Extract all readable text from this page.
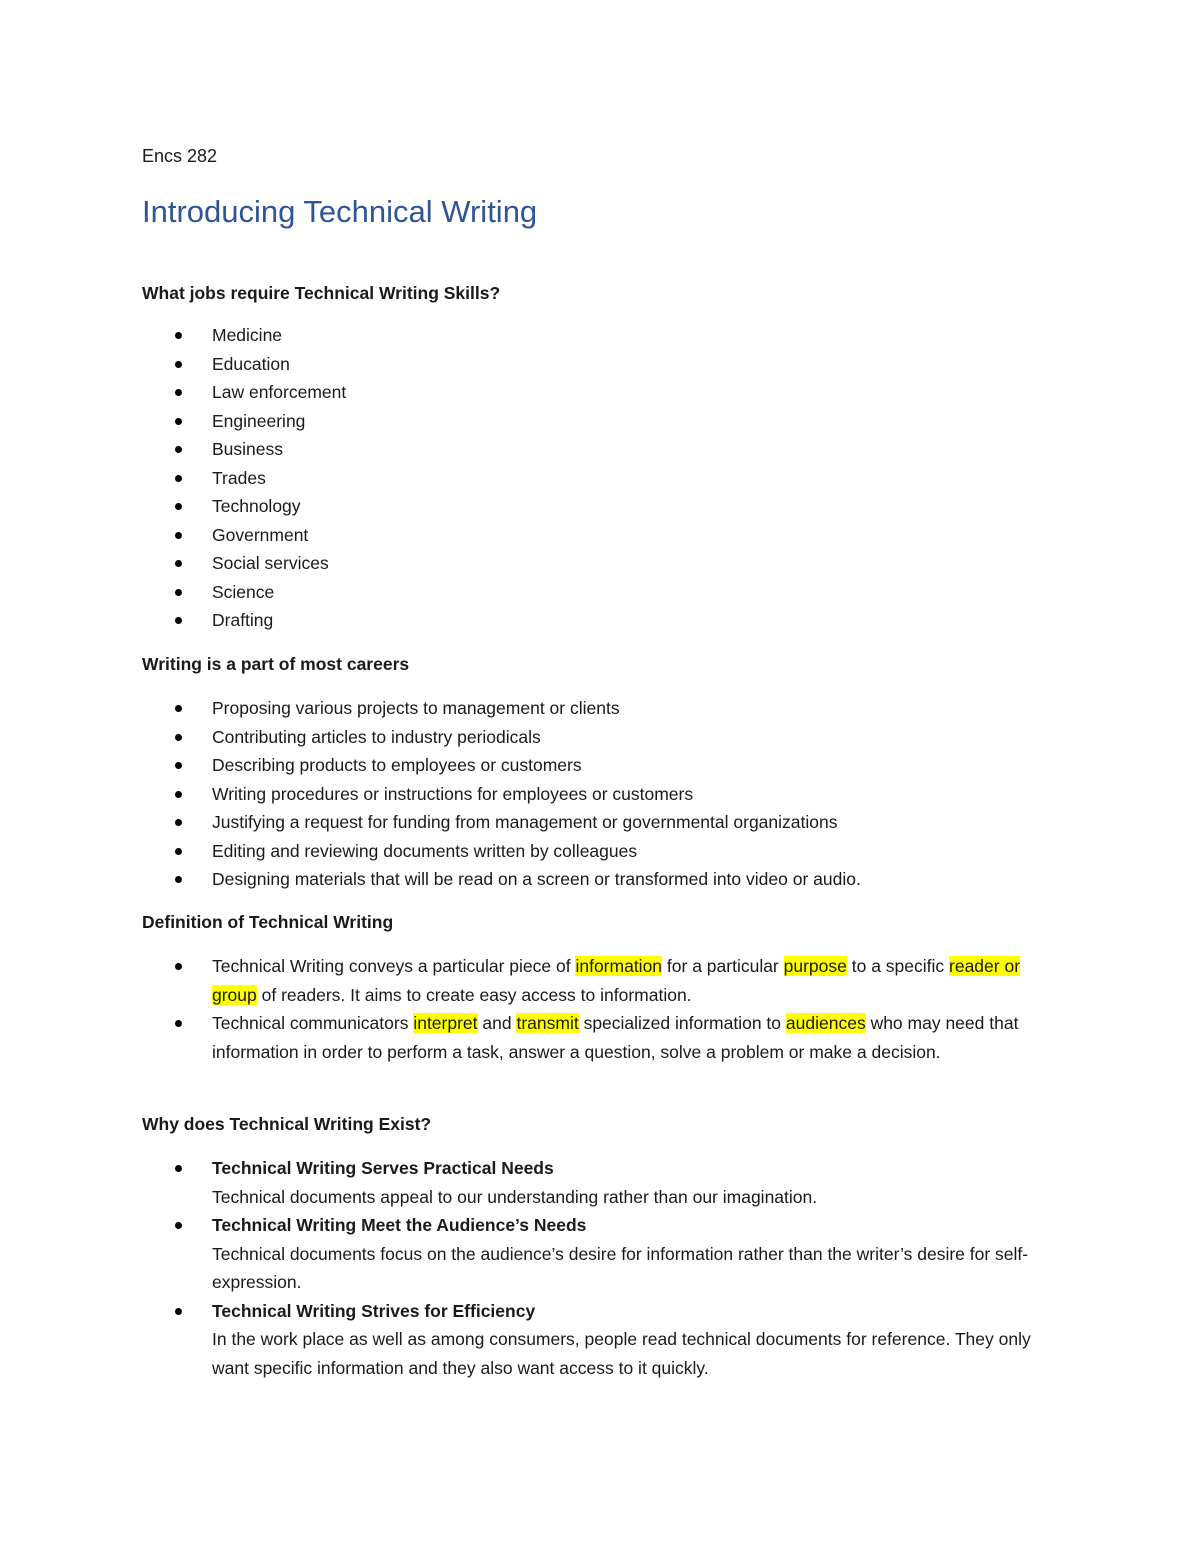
Encs 282

Introducing Technical Writing

What jobs require Technical Writing Skills?

Medicine
Education
Law enforcement
Engineering
Business
Trades
Technology
Government
Social services
Science
Drafting

Writing is a part of most careers

Proposing various projects to management or clients
Contributing articles to industry periodicals
Describing products to employees or customers
Writing procedures or instructions for employees or customers
Justifying a request for funding from management or governmental organizations
Editing and reviewing documents written by colleagues
Designing materials that will be read on a screen or transformed into video or audio.

Definition of Technical Writing

Technical Writing conveys a particular piece of information for a particular purpose to a specific reader or group of readers. It aims to create easy access to information.
Technical communicators interpret and transmit specialized information to audiences who may need that information in order to perform a task, answer a question, solve a problem or make a decision.

Why does Technical Writing Exist?

Technical Writing Serves Practical Needs
Technical documents appeal to our understanding rather than our imagination.
Technical Writing Meet the Audience’s Needs
Technical documents focus on the audience’s desire for information rather than the writer’s desire for self-expression.
Technical Writing Strives for Efficiency
In the work place as well as among consumers, people read technical documents for reference. They only want specific information and they also want access to it quickly.
